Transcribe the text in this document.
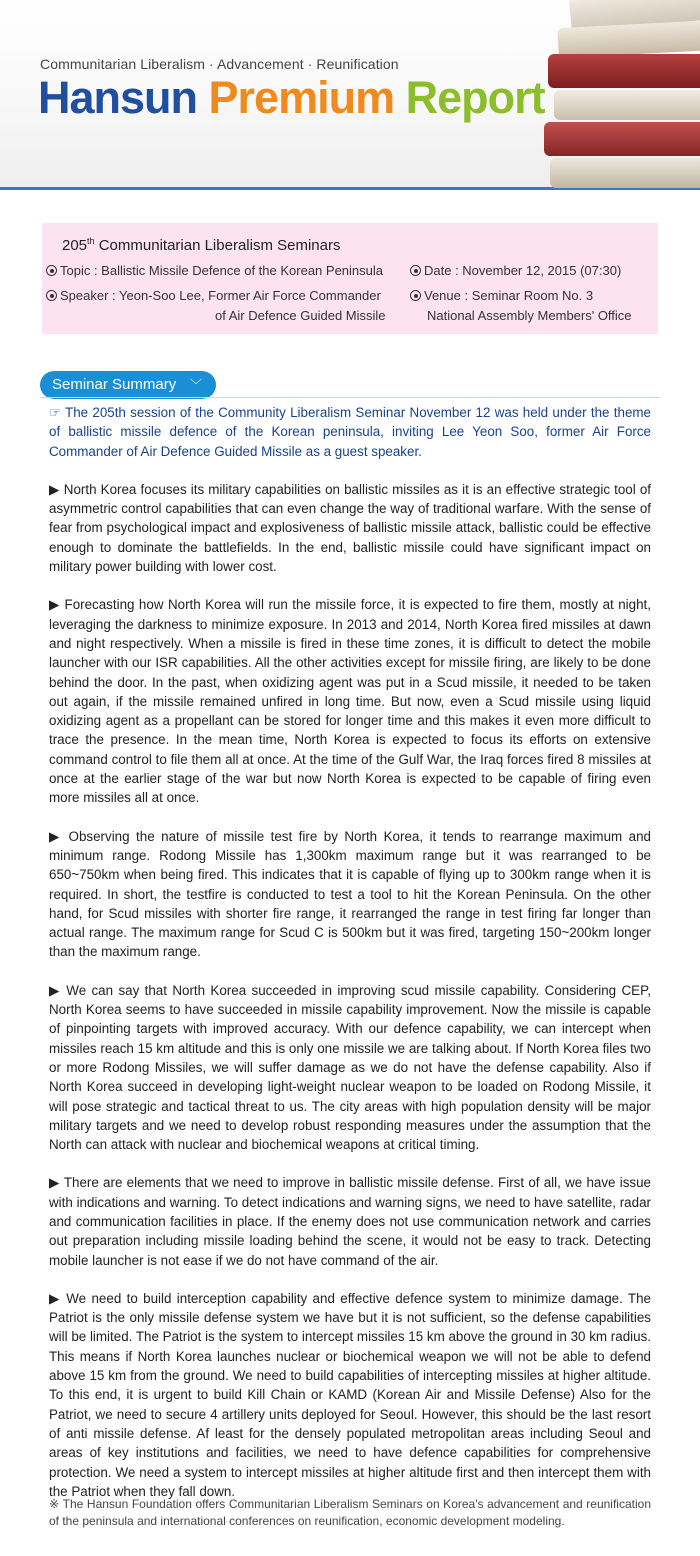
Communitarian Liberalism · Advancement · Reunification
Hansun Premium Report
205th Communitarian Liberalism Seminars
Topic : Ballistic Missile Defence of the Korean Peninsula	Date : November 12, 2015 (07:30)
Speaker : Yeon-Soo Lee, Former Air Force Commander
of Air Defence Guided Missile
Venue : Seminar Room No. 3
National Assembly Members' Office
Seminar Summary ﹀

☞ The 205th session of the Community Liberalism Seminar November 12 was held under the theme of ballistic missile defence of the Korean peninsula, inviting Lee Yeon Soo, former Air Force Commander of Air Defence Guided Missile as a guest speaker.

▶ North Korea focuses its military capabilities on ballistic missiles as it is an effective strategic tool of asymmetric control capabilities that can even change the way of traditional warfare. With the sense of fear from psychological impact and explosiveness of ballistic missile attack, ballistic could be effective enough to dominate the battlefields. In the end, ballistic missile could have significant impact on military power building with lower cost.

▶ Forecasting how North Korea will run the missile force, it is expected to fire them, mostly at night, leveraging the darkness to minimize exposure. In 2013 and 2014, North Korea fired missiles at dawn and night respectively. When a missile is fired in these time zones, it is difficult to detect the mobile launcher with our ISR capabilities. All the other activities except for missile firing, are likely to be done behind the door. In the past, when oxidizing agent was put in a Scud missile, it needed to be taken out again, if the missile remained unfired in long time. But now, even a Scud missile using liquid oxidizing agent as a propellant can be stored for longer time and this makes it even more difficult to trace the presence. In the mean time, North Korea is expected to focus its efforts on extensive command control to file them all at once. At the time of the Gulf War, the Iraq forces fired 8 missiles at once at the earlier stage of the war but now North Korea is expected to be capable of firing even more missiles all at once.

▶ Observing the nature of missile test fire by North Korea, it tends to rearrange maximum and minimum range. Rodong Missile has 1,300km maximum range but it was rearranged to be 650~750km when being fired. This indicates that it is capable of flying up to 300km range when it is required. In short, the testfire is conducted to test a tool to hit the Korean Peninsula. On the other hand, for Scud missiles with shorter fire range, it rearranged the range in test firing far longer than actual range. The maximum range for Scud C is 500km but it was fired, targeting 150~200km longer than the maximum range.

▶ We can say that North Korea succeeded in improving scud missile capability. Considering CEP, North Korea seems to have succeeded in missile capability improvement. Now the missile is capable of pinpointing targets with improved accuracy. With our defence capability, we can intercept when missiles reach 15 km altitude and this is only one missile we are talking about. If North Korea files two or more Rodong Missiles, we will suffer damage as we do not have the defense capability. Also if North Korea succeed in developing light-weight nuclear weapon to be loaded on Rodong Missile, it will pose strategic and tactical threat to us. The city areas with high population density will be major military targets and we need to develop robust responding measures under the assumption that the North can attack with nuclear and biochemical weapons at critical timing.

▶ There are elements that we need to improve in ballistic missile defense. First of all, we have issue with indications and warning. To detect indications and warning signs, we need to have satellite, radar and communication facilities in place. If the enemy does not use communication network and carries out preparation including missile loading behind the scene, it would not be easy to track. Detecting mobile launcher is not ease if we do not have command of the air.

▶ We need to build interception capability and effective defence system to minimize damage. The Patriot is the only missile defense system we have but it is not sufficient, so the defense capabilities will be limited. The Patriot is the system to intercept missiles 15 km above the ground in 30 km radius. This means if North Korea launches nuclear or biochemical weapon we will not be able to defend above 15 km from the ground. We need to build capabilities of intercepting missiles at higher altitude. To this end, it is urgent to build Kill Chain or KAMD (Korean Air and Missile Defense) Also for the Patriot, we need to secure 4 artillery units deployed for Seoul. However, this should be the last resort of anti missile defense. Af least for the densely populated metropolitan areas including Seoul and areas of key institutions and facilities, we need to have defence capabilities for comprehensive protection. We need a system to intercept missiles at higher altitude first and then intercept them with the Patriot when they fall down.

※ The Hansun Foundation offers Communitarian Liberalism Seminars on Korea's advancement and reunification of the peninsula and international conferences on reunification, economic development modeling.
